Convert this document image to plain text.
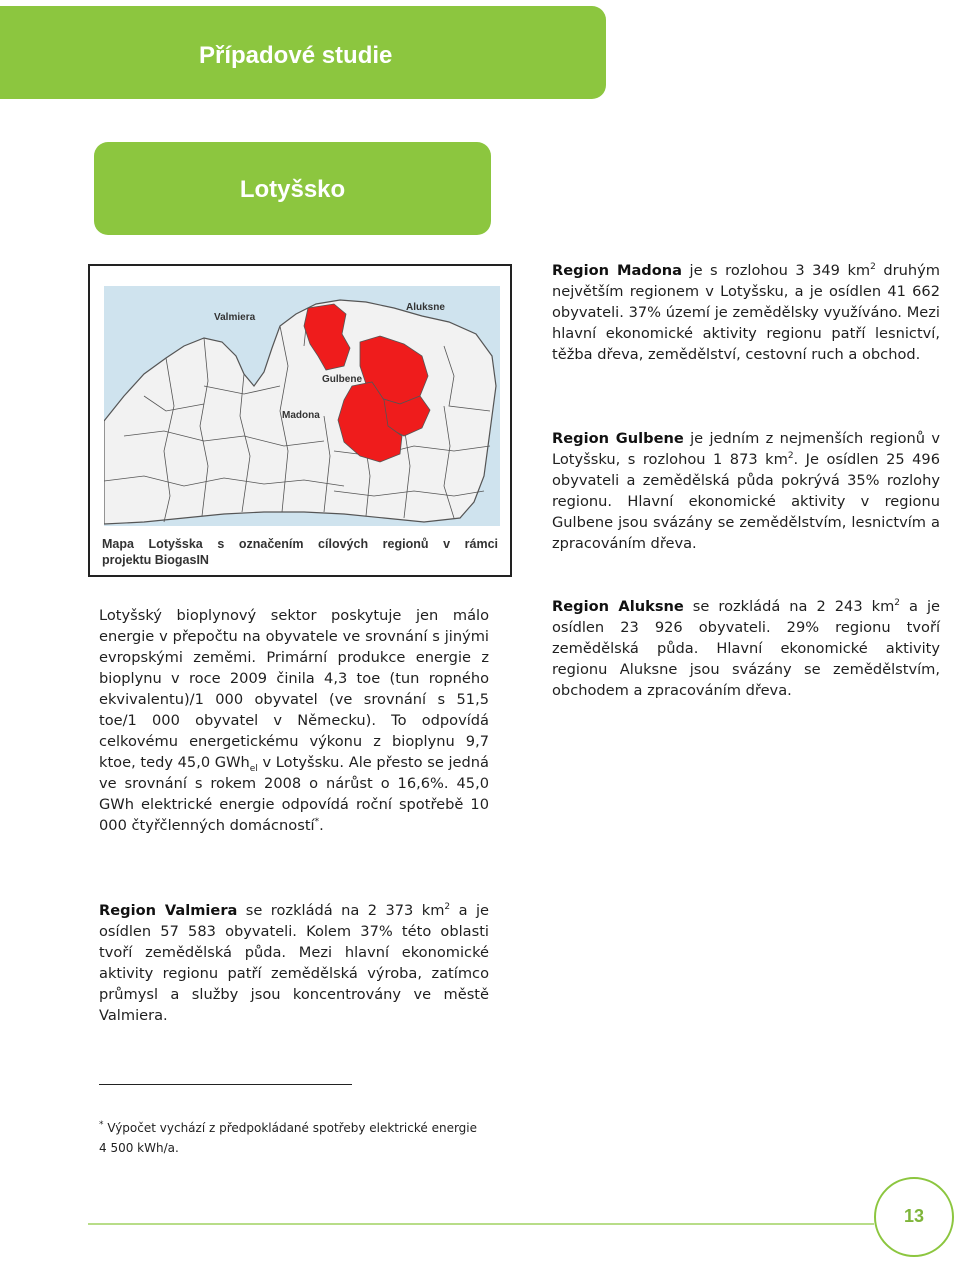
Případové studie
Lotyšsko
Valmiera
Aluksne
Gulbene
Madona

Mapa Lotyšska s označením cílových regionů v rámci
projektu BiogasIN

Region Madona je s rozlohou 3 349 $km^2$ druhým největším regionem v Lotyšsku, a je osídlen 41 662 obyvateli. 37% území je zemědělsky využíváno. Mezi hlavní ekonomické aktivity regionu patří lesnictví, těžba dřeva, zemědělství, cestovní ruch a obchod.

Region Gulbene je jedním z nejmenších regionů v Lotyšsku, s rozlohou 1 873 $km^2$. Je osídlen 25 496 obyvateli a zemědělská půda pokrývá 35% rozlohy regionu. Hlavní ekonomické aktivity v regionu Gulbene jsou svázány se zemědělstvím, lesnictvím a zpracováním dřeva.

Region Aluksne se rozkládá na 2 243 $km^2$ a je osídlen 23 926 obyvateli. 29% regionu tvoří zemědělská půda. Hlavní ekonomické aktivity regionu Aluksne jsou svázány se zemědělstvím, obchodem a zpracováním dřeva.

Lotyšský bioplynový sektor poskytuje jen málo energie v přepočtu na obyvatele ve srovnání s jinými evropskými zeměmi. Primární produkce energie z bioplynu v roce 2009 činila 4,3 toe (tun ropného ekvivalentu)/1 000 obyvatel (ve srovnání s 51,5 toe/1 000 obyvatel v Německu). To odpovídá celkovému energetickému výkonu z bioplynu 9,7 ktoe, tedy 45,0 GWh$_{el}$ v Lotyšsku. Ale přesto se jedná ve srovnání s rokem 2008 o nárůst o 16,6%. 45,0 GWh elektrické energie odpovídá roční spotřebě 10 000 čtyřčlenných domácností*.

Region Valmiera se rozkládá na 2 373 $km^2$ a je osídlen 57 583 obyvateli. Kolem 37% této oblasti tvoří zemědělská půda. Mezi hlavní ekonomické aktivity regionu patří zemědělská výroba, zatímco průmysl a služby jsou koncentrovány ve městě Valmiera.

* Výpočet vychází z předpokládané spotřeby elektrické energie
4 500 kWh/a.

13
